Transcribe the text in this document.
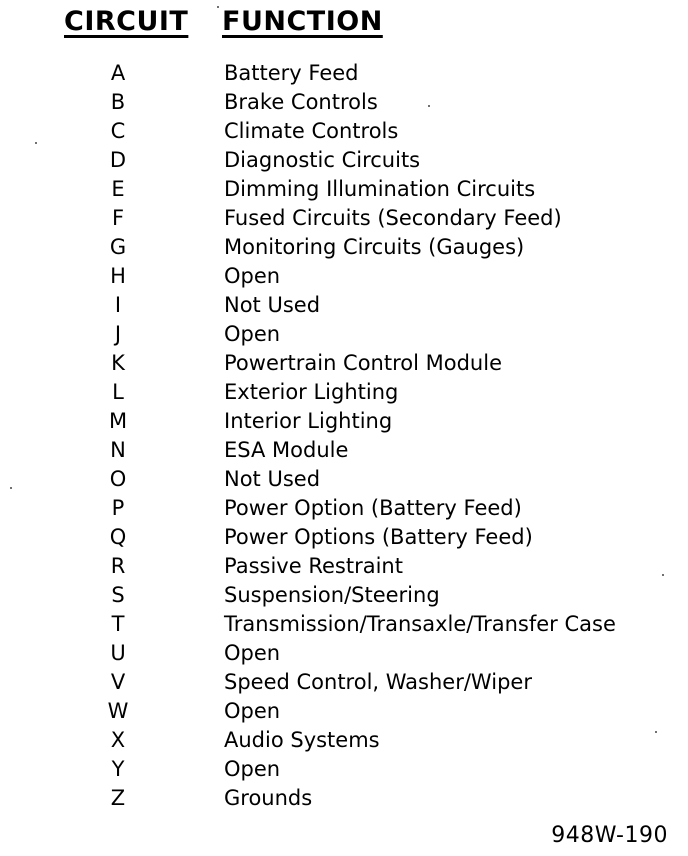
CIRCUIT FUNCTION
A	Battery Feed
B	Brake Controls
C	Climate Controls
D	Diagnostic Circuits
E	Dimming Illumination Circuits
F	Fused Circuits (Secondary Feed)
G	Monitoring Circuits (Gauges)
H	Open
I	Not Used
J	Open
K	Powertrain Control Module
L	Exterior Lighting
M	Interior Lighting
N	ESA Module
O	Not Used
P	Power Option (Battery Feed)
Q	Power Options (Battery Feed)
R	Passive Restraint
S	Suspension/Steering
T	Transmission/Transaxle/Transfer Case
U	Open
V	Speed Control, Washer/Wiper
W	Open
X	Audio Systems
Y	Open
Z	Grounds
948W-190
